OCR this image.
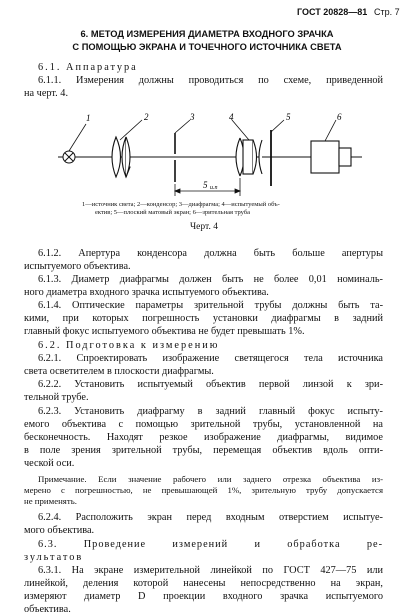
ГОСТ 20828—81 Стр. 7
6. МЕТОД ИЗМЕРЕНИЯ ДИАМЕТРА ВХОДНОГО ЗРАЧКА
С ПОМОЩЬЮ ЭКРАНА И ТОЧЕЧНОГО ИСТОЧНИКА СВЕТА
6.1. Аппаратура
6.1.1. Измерения должны проводиться по схеме, приведенной
на черт. 4.
1	2	3	4	5	6
5 и.п
1—источник света; 2—конденсор; 3—диафрагма; 4—испытуемый объ-
ектив; 5—плоский матовый экран; 6—зрительная труба
Черт. 4
6.1.2. Апертура конденсора должна быть больше апертуры
испытуемого объектива.
6.1.3. Диаметр диафрагмы должен быть не более 0,01 номиналь-
ного диаметра входного зрачка испытуемого объектива.
6.1.4. Оптические параметры зрительной трубы должны быть та-
кими, при которых погрешность установки диафрагмы в задний
главный фокус испытуемого объектива не будет превышать 1%.
6.2. Подготовка к измерению
6.2.1. Спроектировать изображение светящегося тела источника
света осветителем в плоскости диафрагмы.
6.2.2. Установить испытуемый объектив первой линзой к зри-
тельной трубе.
6.2.3. Установить диафрагму в задний главный фокус испыту-
емого объектива с помощью зрительной трубы, установленной на
бесконечность. Находят резкое изображение диафрагмы, видимое
в поле зрения зрительной трубы, перемещая объектив вдоль опти-
ческой оси.
Примечание. Если значение рабочего или заднего отрезка объектива из-
мерено с погрешностью, не превышающей 1%, зрительную трубу допускается
не применять.
6.2.4. Расположить экран перед входным отверстием испытуе-
мого объектива.
6.3. Проведение измерений и обработка ре-
зультатов
6.3.1. На экране измерительной линейкой по ГОСТ 427—75 или
линейкой, деления которой нанесены непосредственно на экран,
измеряют диаметр D проекции входного зрачка испытуемого
объектива.
